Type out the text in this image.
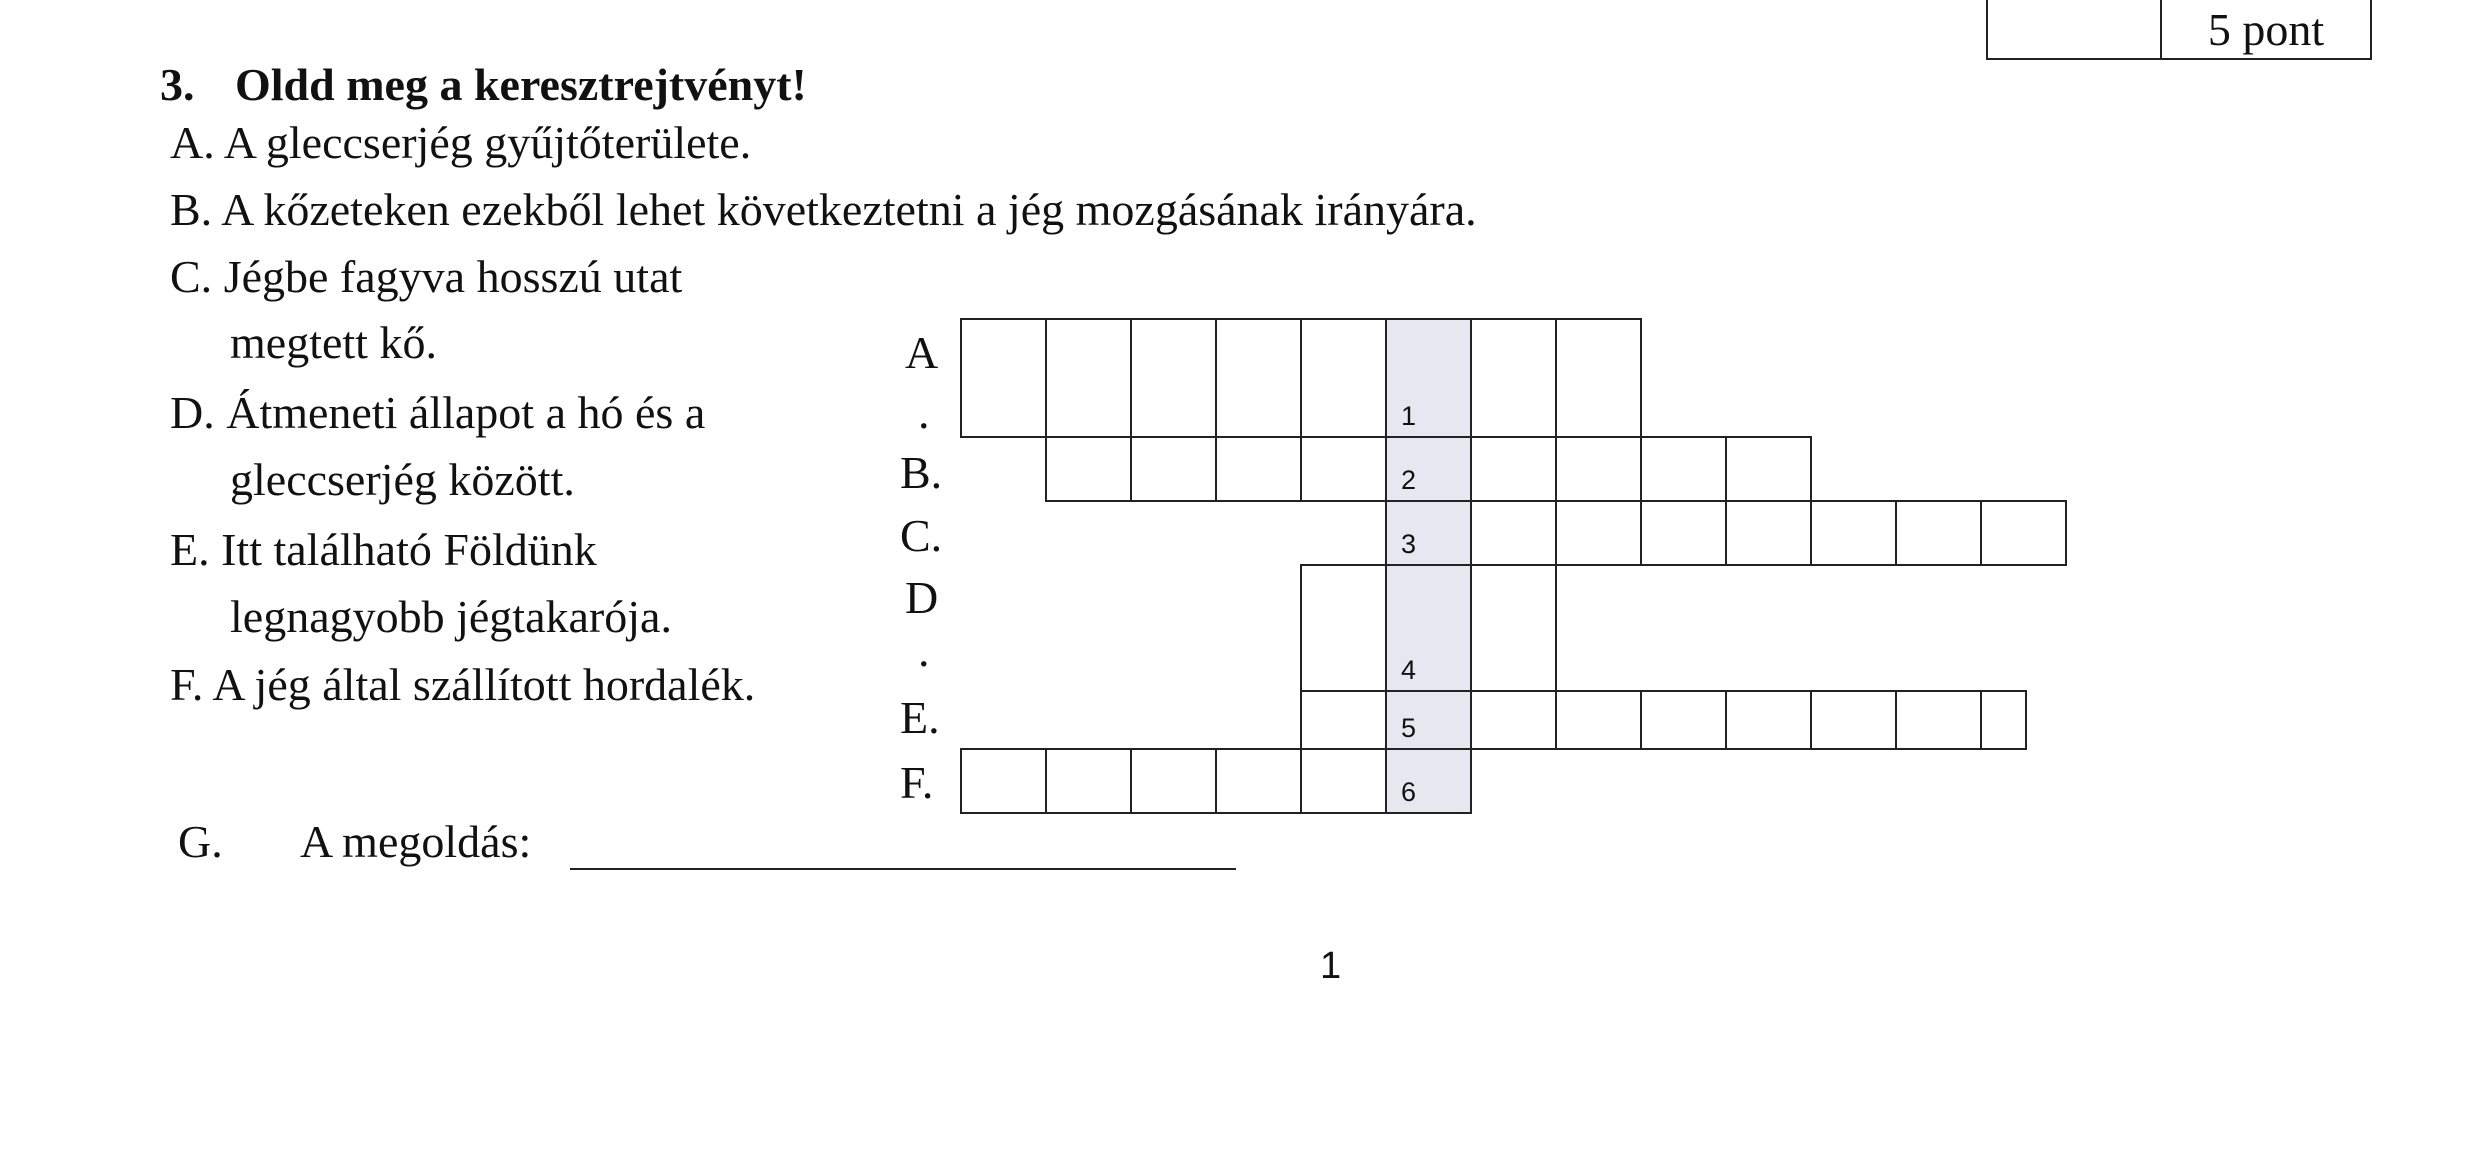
5 pont
3. Oldd meg a keresztrejtvényt!
A. A gleccserjég gyűjtőterülete.
B. A kőzeteken ezekből lehet következtetni a jég mozgásának irányára.
C. Jégbe fagyva hosszú utat
megtett kő.
D. Átmeneti állapot a hó és a
gleccserjég között.
E. Itt található Földünk
legnagyobb jégtakarója.
F. A jég által szállított hordalék.
A
.
B.
C.
D
.
E.
F.
1
2
3
4
5
6
G. A megoldás:
1
